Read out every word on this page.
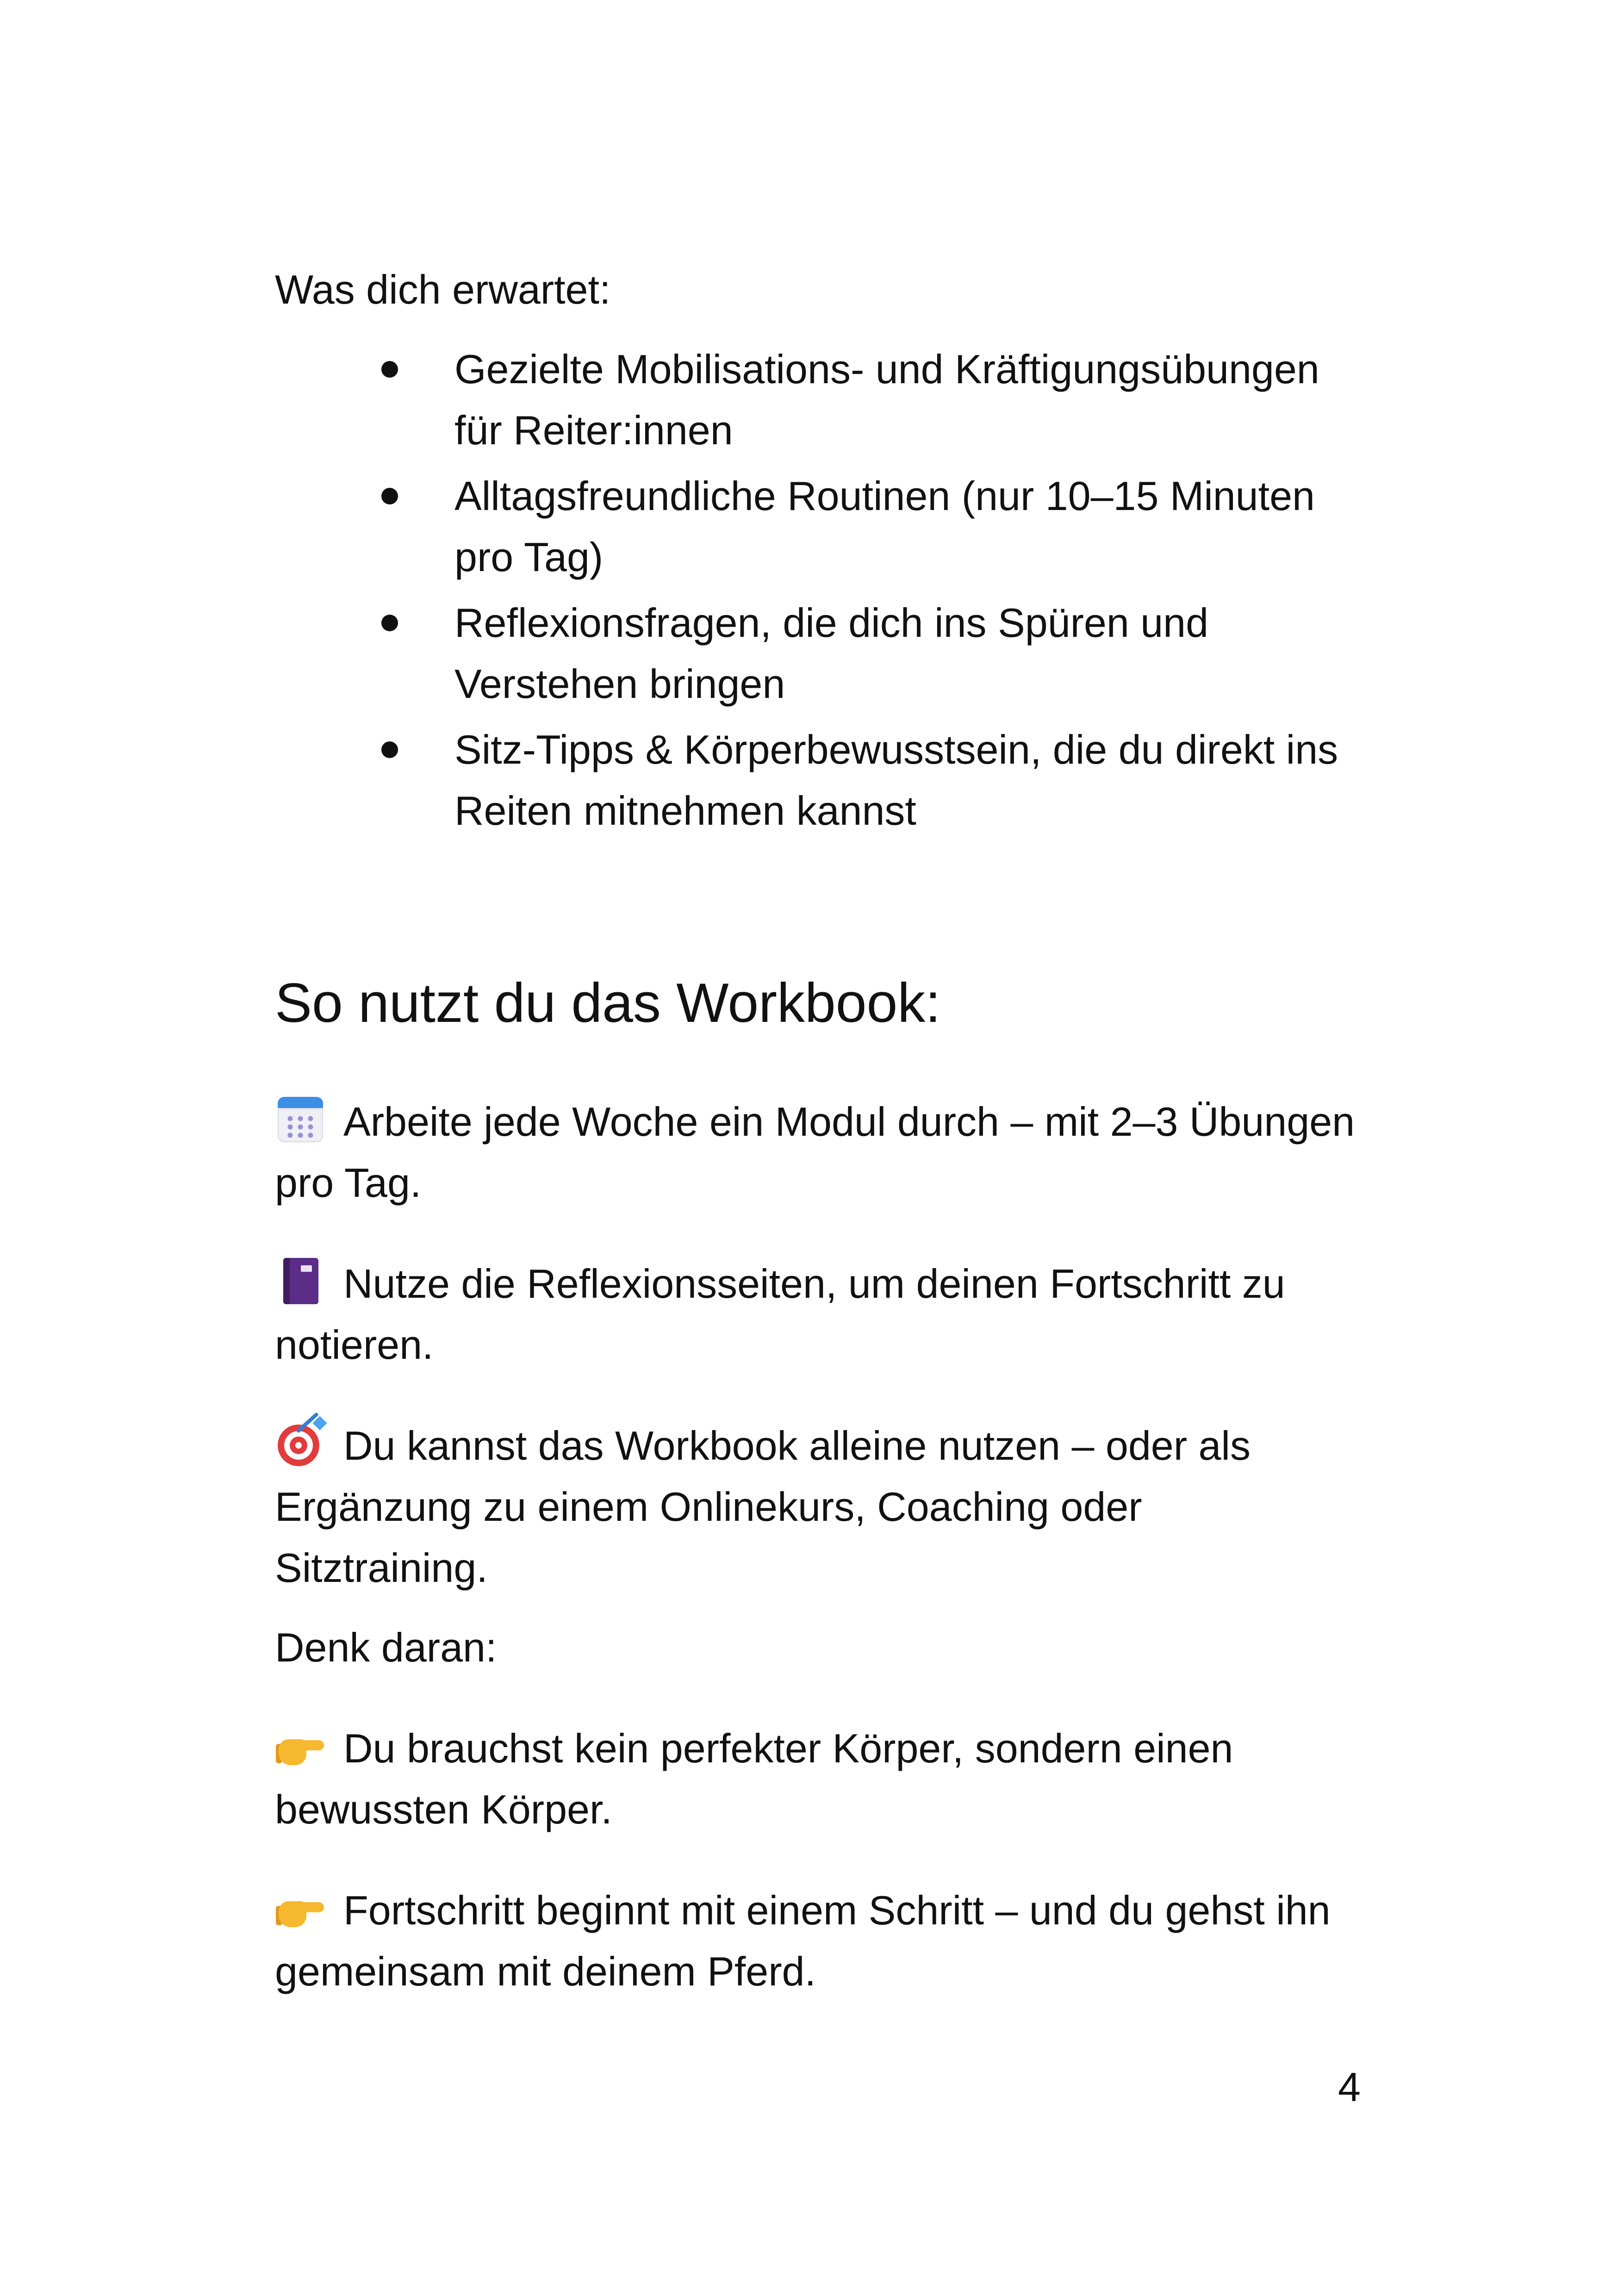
Was dich erwartet:

Gezielte Mobilisations- und Kräftigungsübungen für Reiter:innen
Alltagsfreundliche Routinen (nur 10–15 Minuten pro Tag)
Reflexionsfragen, die dich ins Spüren und Verstehen bringen
Sitz-Tipps & Körperbewusstsein, die du direkt ins Reiten mitnehmen kannst
So nutzt du das Workbook:

Arbeite jede Woche ein Modul durch – mit 2–3 Übungen pro Tag.

Nutze die Reflexionsseiten, um deinen Fortschritt zu notieren.

Du kannst das Workbook alleine nutzen – oder als Ergänzung zu einem Onlinekurs, Coaching oder Sitztraining.

Denk daran:

Du brauchst kein perfekter Körper, sondern einen bewussten Körper.

Fortschritt beginnt mit einem Schritt – und du gehst ihn gemeinsam mit deinem Pferd.

4
